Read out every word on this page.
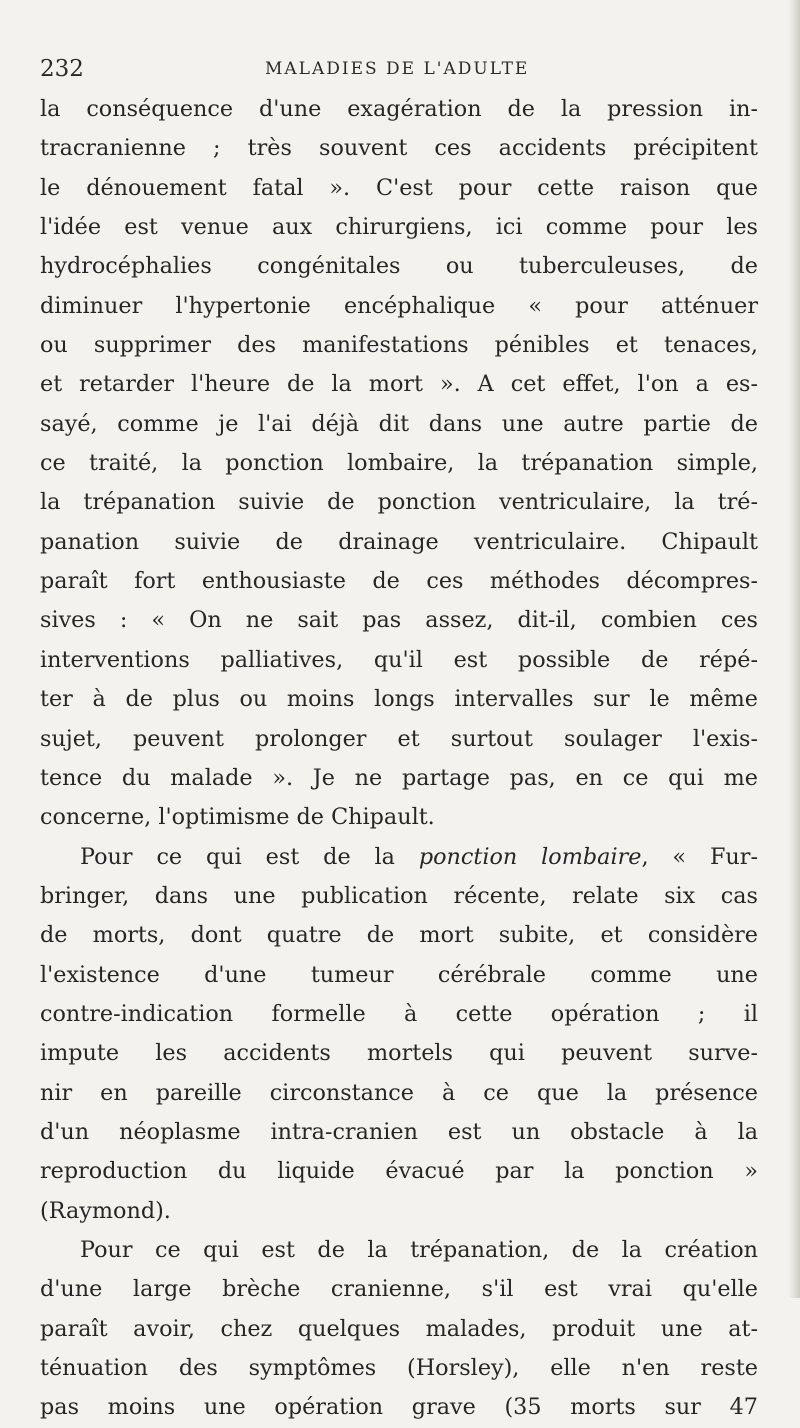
232	MALADIES DE L'ADULTE
la conséquence d'une exagération de la pression in-
tracranienne ; très souvent ces accidents précipitent
le dénouement fatal ». C'est pour cette raison que
l'idée est venue aux chirurgiens, ici comme pour les
hydrocéphalies congénitales ou tuberculeuses, de
diminuer l'hypertonie encéphalique « pour atténuer
ou supprimer des manifestations pénibles et tenaces,
et retarder l'heure de la mort ». A cet effet, l'on a es-
sayé, comme je l'ai déjà dit dans une autre partie de
ce traité, la ponction lombaire, la trépanation simple,
la trépanation suivie de ponction ventriculaire, la tré-
panation suivie de drainage ventriculaire. Chipault
paraît fort enthousiaste de ces méthodes décompres-
sives : « On ne sait pas assez, dit-il, combien ces
interventions palliatives, qu'il est possible de répé-
ter à de plus ou moins longs intervalles sur le même
sujet, peuvent prolonger et surtout soulager l'exis-
tence du malade ». Je ne partage pas, en ce qui me
concerne, l'optimisme de Chipault.
Pour ce qui est de la ponction lombaire, « Fur-
bringer, dans une publication récente, relate six cas
de morts, dont quatre de mort subite, et considère
l'existence d'une tumeur cérébrale comme une
contre-indication formelle à cette opération ; il
impute les accidents mortels qui peuvent surve-
nir en pareille circonstance à ce que la présence
d'un néoplasme intra-cranien est un obstacle à la
reproduction du liquide évacué par la ponction »
(Raymond).
Pour ce qui est de la trépanation, de la création
d'une large brèche cranienne, s'il est vrai qu'elle
paraît avoir, chez quelques malades, produit une at-
ténuation des symptômes (Horsley), elle n'en reste
pas moins une opération grave (35 morts sur 47
